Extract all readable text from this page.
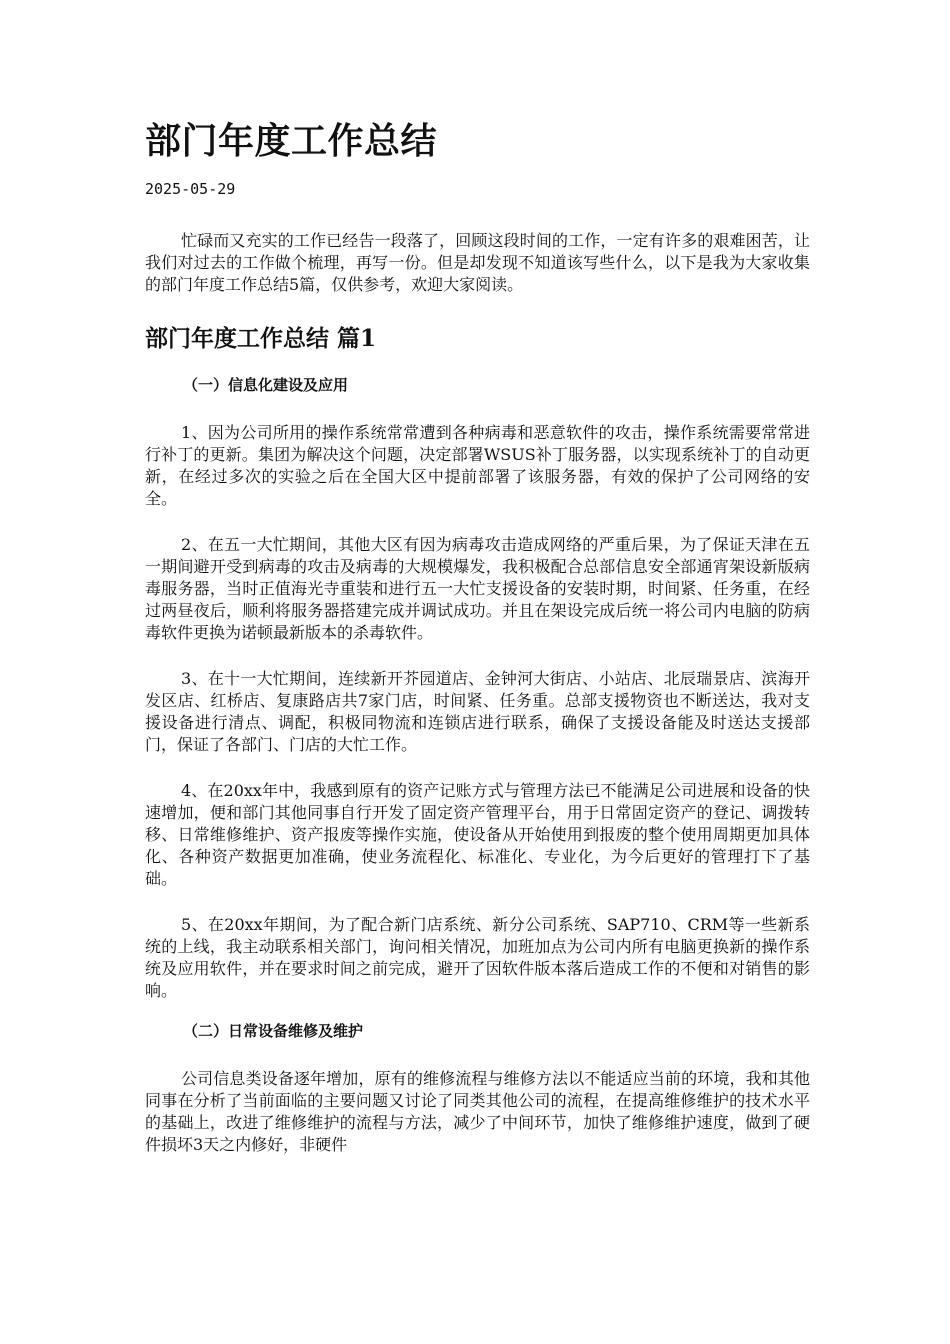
部门年度工作总结
2025-05-29

忙碌而又充实的工作已经告一段落了，回顾这段时间的工作，一定有许多的艰难困苦，让我们对过去的工作做个梳理，再写一份。但是却发现不知道该写些什么，以下是我为大家收集的部门年度工作总结5篇，仅供参考，欢迎大家阅读。

部门年度工作总结 篇1
（一）信息化建设及应用

1、因为公司所用的操作系统常常遭到各种病毒和恶意软件的攻击，操作系统需要常常进行补丁的更新。集团为解决这个问题，决定部署WSUS补丁服务器，以实现系统补丁的自动更新，在经过多次的实验之后在全国大区中提前部署了该服务器，有效的保护了公司网络的安全。

2、在五一大忙期间，其他大区有因为病毒攻击造成网络的严重后果，为了保证天津在五一期间避开受到病毒的攻击及病毒的大规模爆发，我积极配合总部信息安全部通宵架设新版病毒服务器，当时正值海光寺重装和进行五一大忙支援设备的安装时期，时间紧、任务重，在经过两昼夜后，顺利将服务器搭建完成并调试成功。并且在架设完成后统一将公司内电脑的防病毒软件更换为诺顿最新版本的杀毒软件。

3、在十一大忙期间，连续新开芥园道店、金钟河大街店、小站店、北辰瑞景店、滨海开发区店、红桥店、复康路店共7家门店，时间紧、任务重。总部支援物资也不断送达，我对支援设备进行清点、调配，积极同物流和连锁店进行联系，确保了支援设备能及时送达支援部门，保证了各部门、门店的大忙工作。

4、在20xx年中，我感到原有的资产记账方式与管理方法已不能满足公司进展和设备的快速增加，便和部门其他同事自行开发了固定资产管理平台，用于日常固定资产的登记、调拨转移、日常维修维护、资产报废等操作实施，使设备从开始使用到报废的整个使用周期更加具体化、各种资产数据更加准确，使业务流程化、标准化、专业化，为今后更好的管理打下了基础。

5、在20xx年期间，为了配合新门店系统、新分公司系统、SAP710、CRM等一些新系统的上线，我主动联系相关部门，询问相关情况，加班加点为公司内所有电脑更换新的操作系统及应用软件，并在要求时间之前完成，避开了因软件版本落后造成工作的不便和对销售的影响。

（二）日常设备维修及维护

公司信息类设备逐年增加，原有的维修流程与维修方法以不能适应当前的环境，我和其他同事在分析了当前面临的主要问题又讨论了同类其他公司的流程，在提高维修维护的技术水平的基础上，改进了维修维护的流程与方法，减少了中间环节，加快了维修维护速度，做到了硬件损坏3天之内修好，非硬件
